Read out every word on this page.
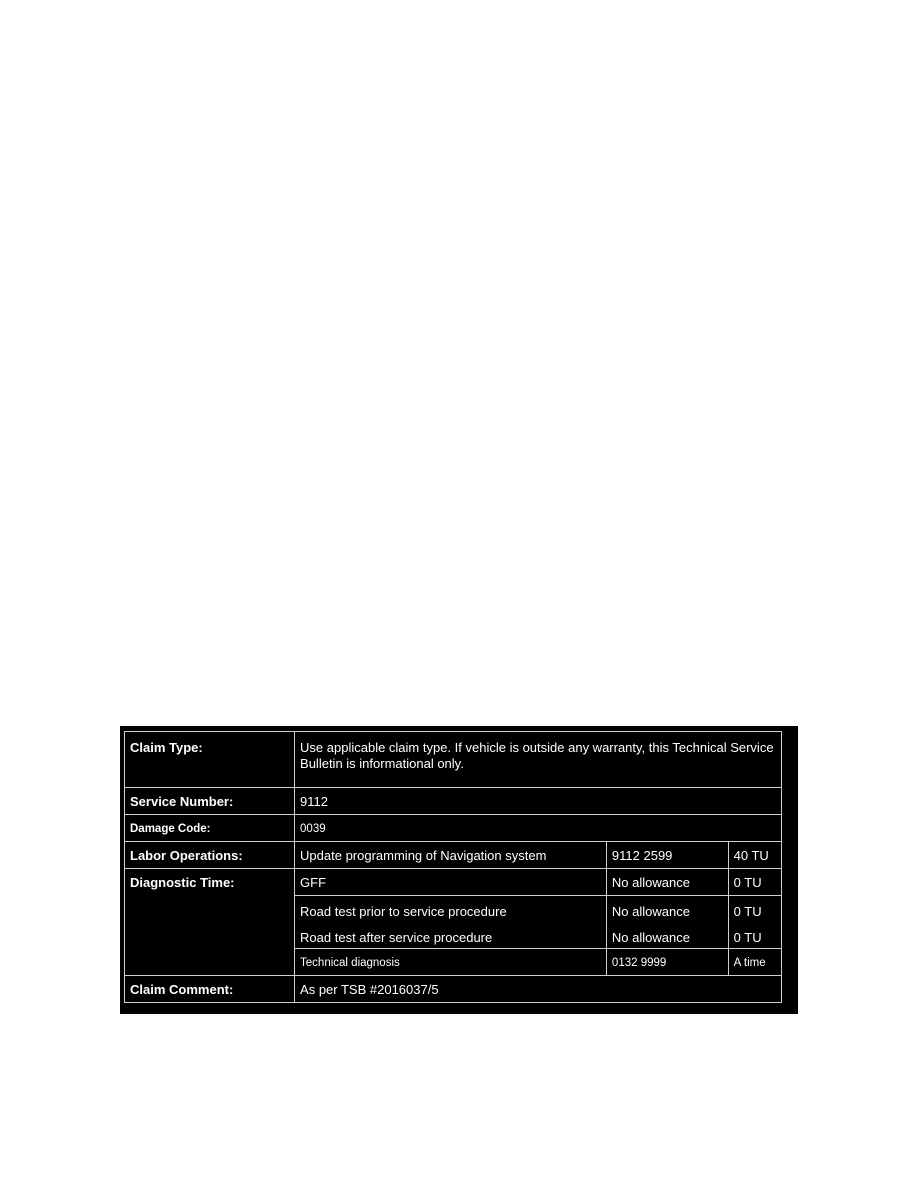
Claim Type:	Use applicable claim type. If vehicle is outside any warranty, this Technical Service Bulletin is informational only.		
Service Number:	9112		
Damage Code:	0039		
Labor Operations:	Update programming of Navigation system	9112 2599	40 TU
Diagnostic Time:	GFF	No allowance	0 TU
	Road test prior to service procedure	No allowance	0 TU
	Road test after service procedure	No allowance	0 TU
	Technical diagnosis	0132 9999	A time
Claim Comment:	As per TSB #2016037/5		
